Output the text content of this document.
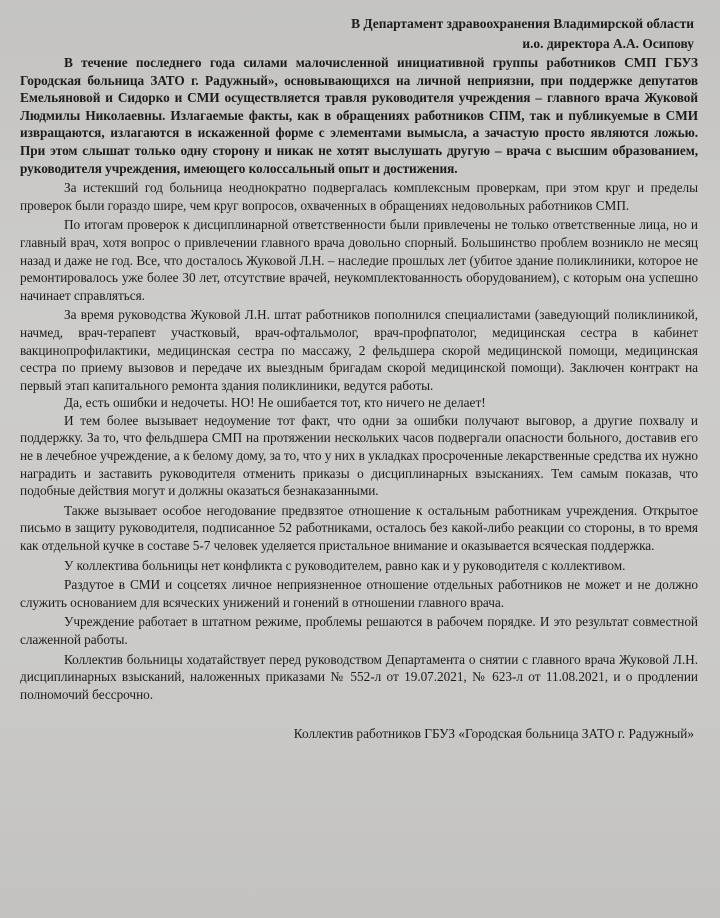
В Департамент здравоохранения Владимирской области
и.о. директора А.А. Осипову

В течение последнего года силами малочисленной инициативной группы работников СМП ГБУЗ Городская больница ЗАТО г. Радужный», основывающихся на личной неприязни, при поддержке депутатов Емельяновой и Сидорко и СМИ осуществляется травля руководителя учреждения – главного врача Жуковой Людмилы Николаевны. Излагаемые факты, как в обращениях работников СПМ, так и публикуемые в СМИ извращаются, излагаются в искаженной форме с элементами вымысла, а зачастую просто являются ложью. При этом слышат только одну сторону и никак не хотят выслушать другую – врача с высшим образованием, руководителя учреждения, имеющего колоссальный опыт и достижения.

За истекший год больница неоднократно подвергалась комплексным проверкам, при этом круг и пределы проверок были гораздо шире, чем круг вопросов, охваченных в обращениях недовольных работников СМП.

По итогам проверок к дисциплинарной ответственности были привлечены не только ответственные лица, но и главный врач, хотя вопрос о привлечении главного врача довольно спорный. Большинство проблем возникло не месяц назад и даже не год. Все, что досталось Жуковой Л.Н. – наследие прошлых лет (убитое здание поликлиники, которое не ремонтировалось уже более 30 лет, отсутствие врачей, неукомплектованность оборудованием), с которым она успешно начинает справляться.

За время руководства Жуковой Л.Н. штат работников пополнился специалистами (заведующий поликлиникой, начмед, врач-терапевт участковый, врач-офтальмолог, врач-профпатолог, медицинская сестра в кабинет вакцинопрофилактики, медицинская сестра по массажу, 2 фельдшера скорой медицинской помощи, медицинская сестра по приему вызовов и передаче их выездным бригадам скорой медицинской помощи). Заключен контракт на первый этап капитального ремонта здания поликлиники, ведутся работы.

Да, есть ошибки и недочеты. НО! Не ошибается тот, кто ничего не делает!

И тем более вызывает недоумение тот факт, что одни за ошибки получают выговор, а другие похвалу и поддержку. За то, что фельдшера СМП на протяжении нескольких часов подвергали опасности больного, доставив его не в лечебное учреждение, а к белому дому, за то, что у них в укладках просроченные лекарственные средства их нужно наградить и заставить руководителя отменить приказы о дисциплинарных взысканиях. Тем самым показав, что подобные действия могут и должны оказаться безнаказанными.

Также вызывает особое негодование предвзятое отношение к остальным работникам учреждения. Открытое письмо в защиту руководителя, подписанное 52 работниками, осталось без какой-либо реакции со стороны, в то время как отдельной кучке в составе 5-7 человек уделяется пристальное внимание и оказывается всяческая поддержка.

У коллектива больницы нет конфликта с руководителем, равно как и у руководителя с коллективом.

Раздутое в СМИ и соцсетях личное неприязненное отношение отдельных работников не может и не должно служить основанием для всяческих унижений и гонений в отношении главного врача.

Учреждение работает в штатном режиме, проблемы решаются в рабочем порядке. И это результат совместной слаженной работы.

Коллектив больницы ходатайствует перед руководством Департамента о снятии с главного врача Жуковой Л.Н. дисциплинарных взысканий, наложенных приказами № 552-л от 19.07.2021, № 623-л от 11.08.2021, и о продлении полномочий бессрочно.

Коллектив работников ГБУЗ «Городская больница ЗАТО г. Радужный»
